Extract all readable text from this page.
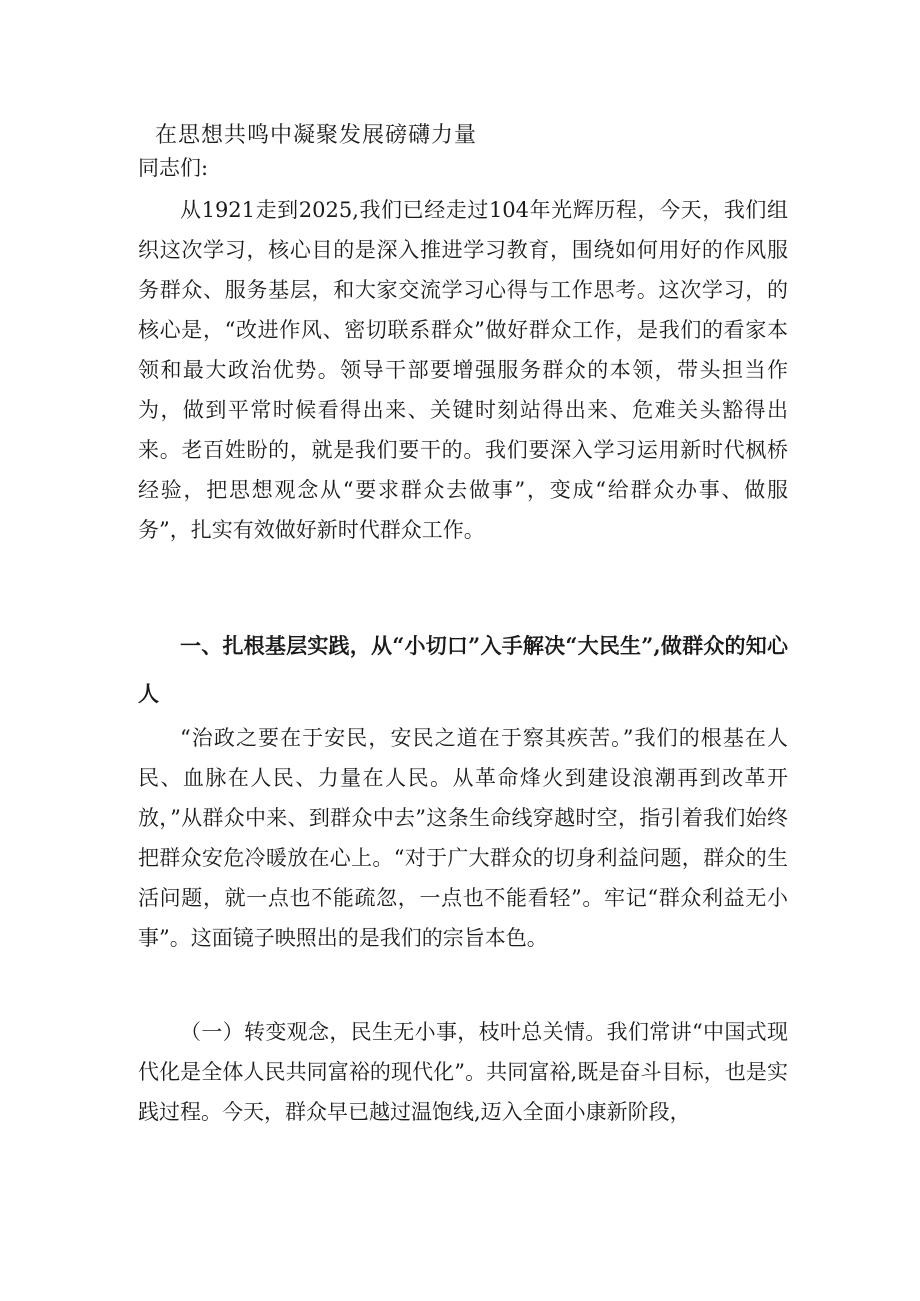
在思想共鸣中凝聚发展磅礴力量

同志们:

从1921走到2025,我们已经走过104年光辉历程，今天，我们组织这次学习，核心目的是深入推进学习教育，围绕如何用好的作风服务群众、服务基层，和大家交流学习心得与工作思考。这次学习，的核心是，“改进作风、密切联系群众”做好群众工作，是我们的看家本领和最大政治优势。领导干部要增强服务群众的本领，带头担当作为，做到平常时候看得出来、关键时刻站得出来、危难关头豁得出来。老百姓盼的，就是我们要干的。我们要深入学习运用新时代枫桥经验，把思想观念从“要求群众去做事”，变成“给群众办事、做服务”，扎实有效做好新时代群众工作。

一、扎根基层实践，从“小切口”入手解决“大民生”,做群众的知心人

“治政之要在于安民，安民之道在于察其疾苦。”我们的根基在人民、血脉在人民、力量在人民。从革命烽火到建设浪潮再到改革开放，”从群众中来、到群众中去”这条生命线穿越时空，指引着我们始终把群众安危冷暖放在心上。“对于广大群众的切身利益问题，群众的生活问题，就一点也不能疏忽，一点也不能看轻”。牢记“群众利益无小事”。这面镜子映照出的是我们的宗旨本色。

（一）转变观念，民生无小事，枝叶总关情。我们常讲“中国式现代化是全体人民共同富裕的现代化”。共同富裕,既是奋斗目标，也是实践过程。今天，群众早已越过温饱线,迈入全面小康新阶段，
